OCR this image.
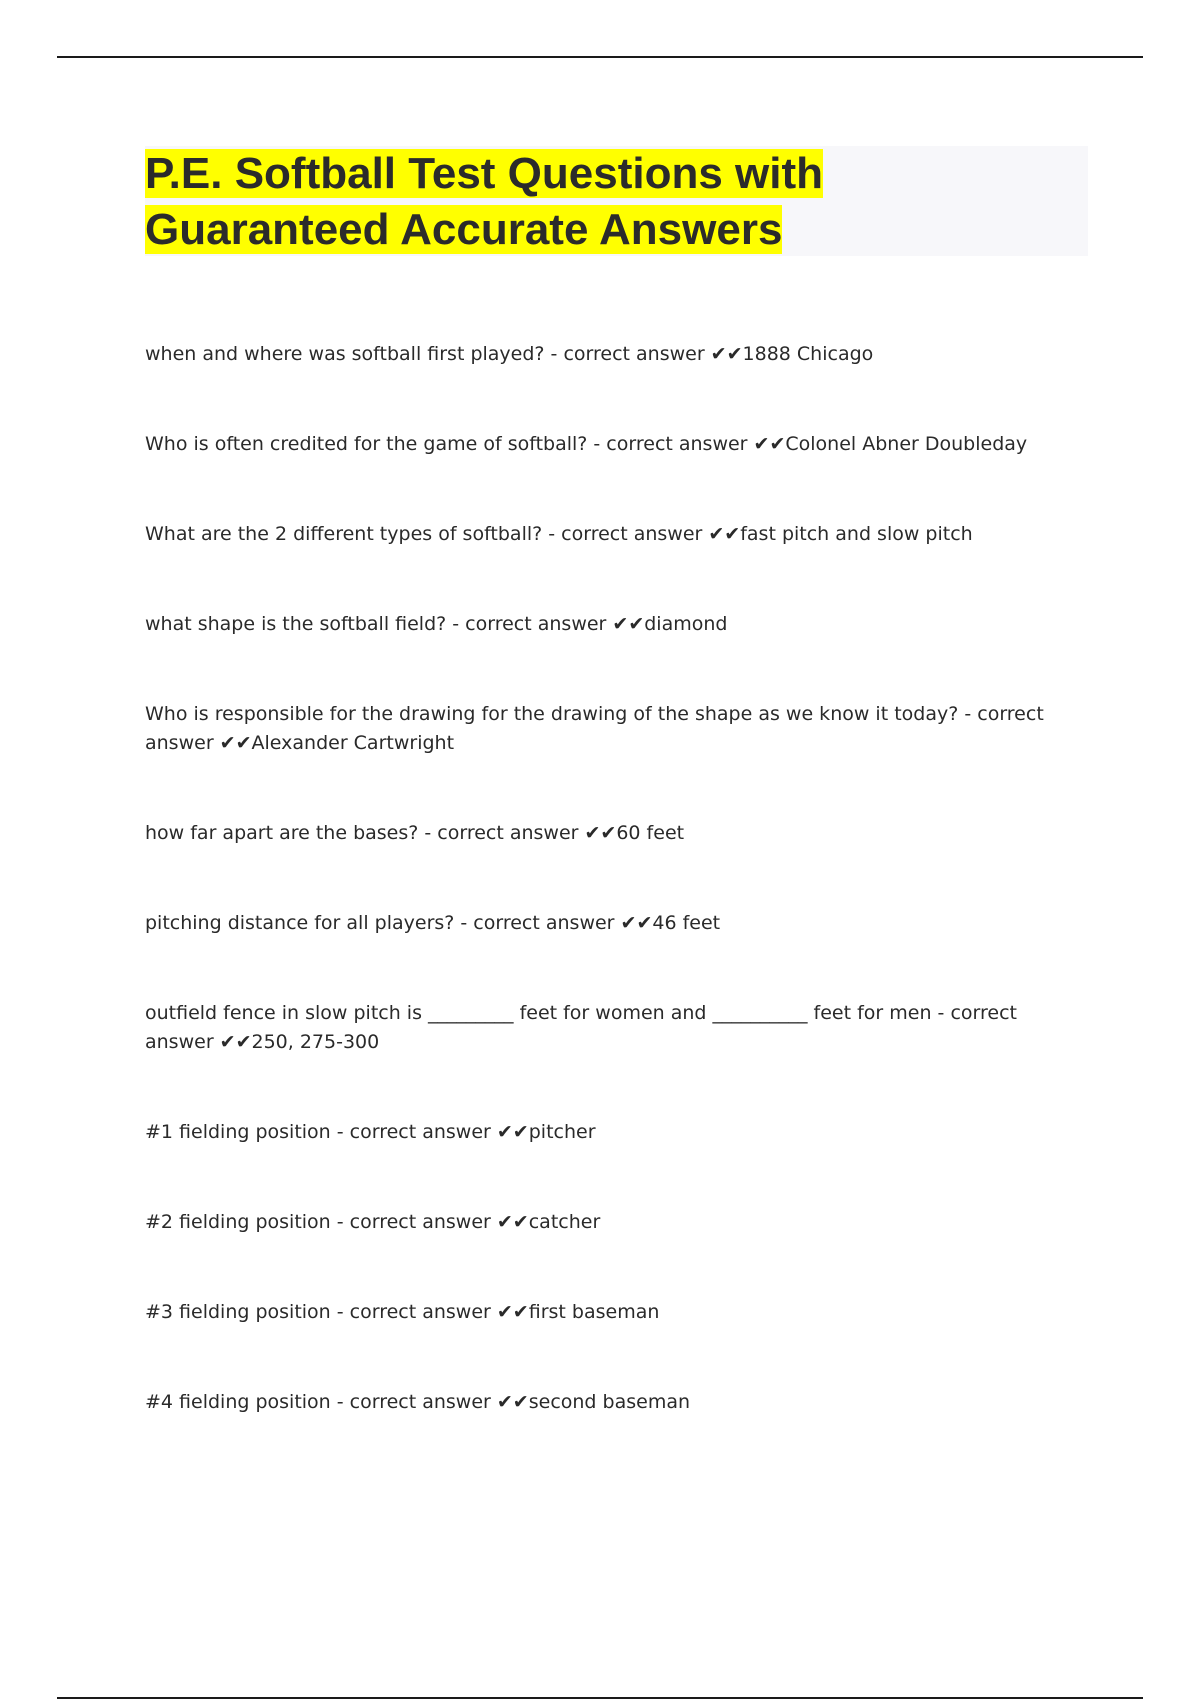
P.E. Softball Test Questions with
Guaranteed Accurate Answers
when and where was softball first played? - correct answer ✔✔1888 Chicago
Who is often credited for the game of softball? - correct answer ✔✔Colonel Abner Doubleday
What are the 2 different types of softball? - correct answer ✔✔fast pitch and slow pitch
what shape is the softball field? - correct answer ✔✔diamond
Who is responsible for the drawing for the drawing of the shape as we know it today? - correct answer ✔✔Alexander Cartwright
how far apart are the bases? - correct answer ✔✔60 feet
pitching distance for all players? - correct answer ✔✔46 feet
outfield fence in slow pitch is _________ feet for women and __________ feet for men - correct answer ✔✔250, 275-300
#1 fielding position - correct answer ✔✔pitcher
#2 fielding position - correct answer ✔✔catcher
#3 fielding position - correct answer ✔✔first baseman
#4 fielding position - correct answer ✔✔second baseman
